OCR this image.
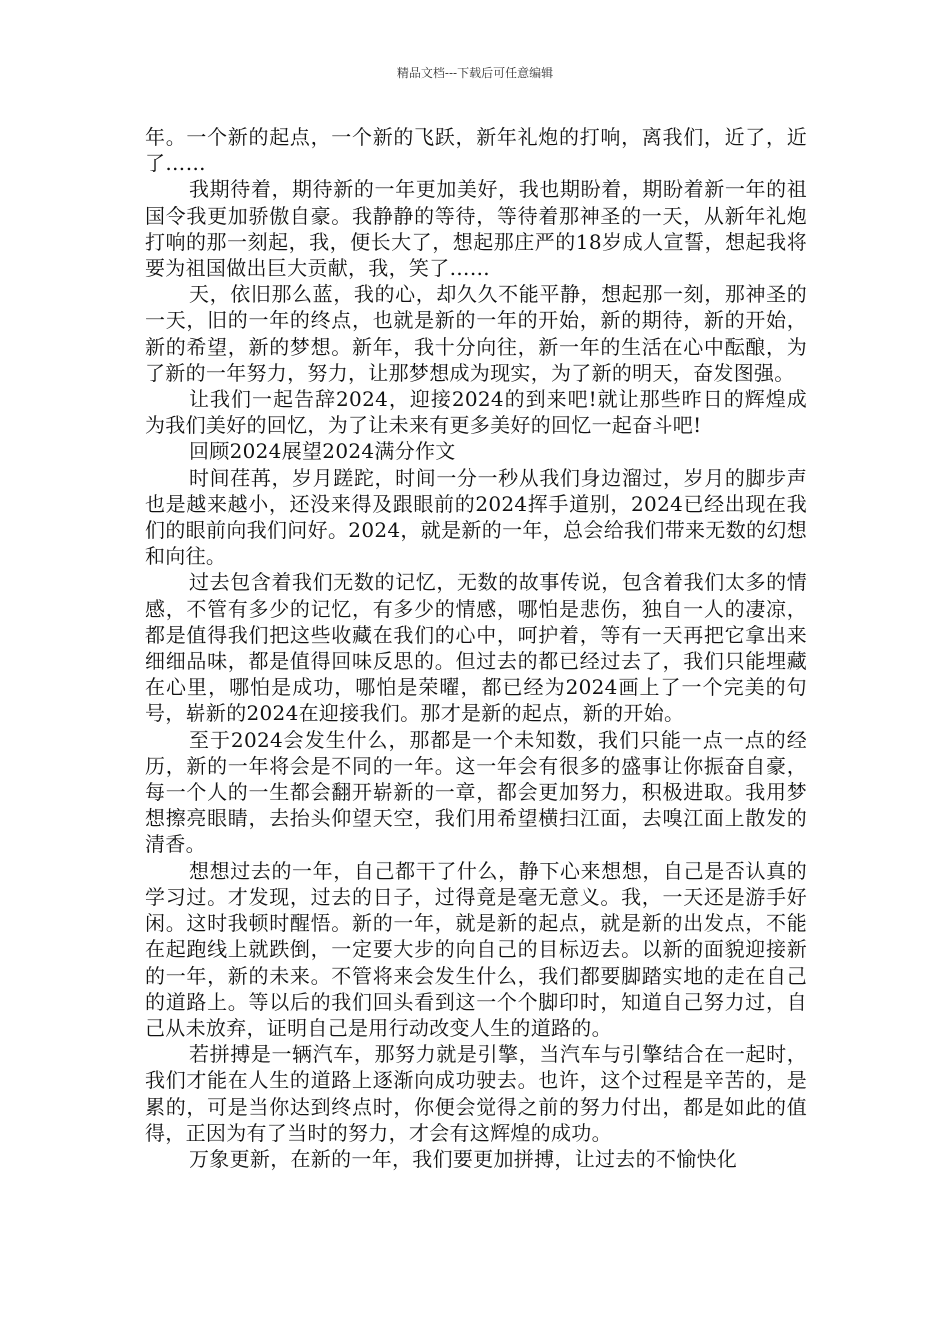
精品文档---下载后可任意编辑

年。一个新的起点，一个新的飞跃，新年礼炮的打响，离我们，近了，近了……

我期待着，期待新的一年更加美好，我也期盼着，期盼着新一年的祖国令我更加骄傲自豪。我静静的等待，等待着那神圣的一天，从新年礼炮打响的那一刻起，我，便长大了，想起那庄严的18岁成人宣誓，想起我将要为祖国做出巨大贡献，我，笑了……

天，依旧那么蓝，我的心，却久久不能平静，想起那一刻，那神圣的一天，旧的一年的终点，也就是新的一年的开始，新的期待，新的开始，新的希望，新的梦想。新年，我十分向往，新一年的生活在心中酝酿，为了新的一年努力，努力，让那梦想成为现实，为了新的明天，奋发图强。

让我们一起告辞2024，迎接2024的到来吧!就让那些昨日的辉煌成为我们美好的回忆，为了让未来有更多美好的回忆一起奋斗吧!

回顾2024展望2024满分作文

时间荏苒，岁月蹉跎，时间一分一秒从我们身边溜过，岁月的脚步声也是越来越小，还没来得及跟眼前的2024挥手道别，2024已经出现在我们的眼前向我们问好。2024，就是新的一年，总会给我们带来无数的幻想和向往。

过去包含着我们无数的记忆，无数的故事传说，包含着我们太多的情感，不管有多少的记忆，有多少的情感，哪怕是悲伤，独自一人的凄凉，都是值得我们把这些收藏在我们的心中，呵护着，等有一天再把它拿出来细细品味，都是值得回味反思的。但过去的都已经过去了，我们只能埋藏在心里，哪怕是成功，哪怕是荣曜，都已经为2024画上了一个完美的句号，崭新的2024在迎接我们。那才是新的起点，新的开始。

至于2024会发生什么，那都是一个未知数，我们只能一点一点的经历，新的一年将会是不同的一年。这一年会有很多的盛事让你振奋自豪，每一个人的一生都会翻开崭新的一章，都会更加努力，积极进取。我用梦想擦亮眼睛，去抬头仰望天空，我们用希望横扫江面，去嗅江面上散发的清香。

想想过去的一年，自己都干了什么，静下心来想想，自己是否认真的学习过。才发现，过去的日子，过得竟是毫无意义。我，一天还是游手好闲。这时我顿时醒悟。新的一年，就是新的起点，就是新的出发点，不能在起跑线上就跌倒，一定要大步的向自己的目标迈去。以新的面貌迎接新的一年，新的未来。不管将来会发生什么，我们都要脚踏实地的走在自己的道路上。等以后的我们回头看到这一个个脚印时，知道自己努力过，自己从未放弃，证明自己是用行动改变人生的道路的。

若拼搏是一辆汽车，那努力就是引擎，当汽车与引擎结合在一起时，我们才能在人生的道路上逐渐向成功驶去。也许，这个过程是辛苦的，是累的，可是当你达到终点时，你便会觉得之前的努力付出，都是如此的值得，正因为有了当时的努力，才会有这辉煌的成功。

万象更新，在新的一年，我们要更加拼搏，让过去的不愉快化
